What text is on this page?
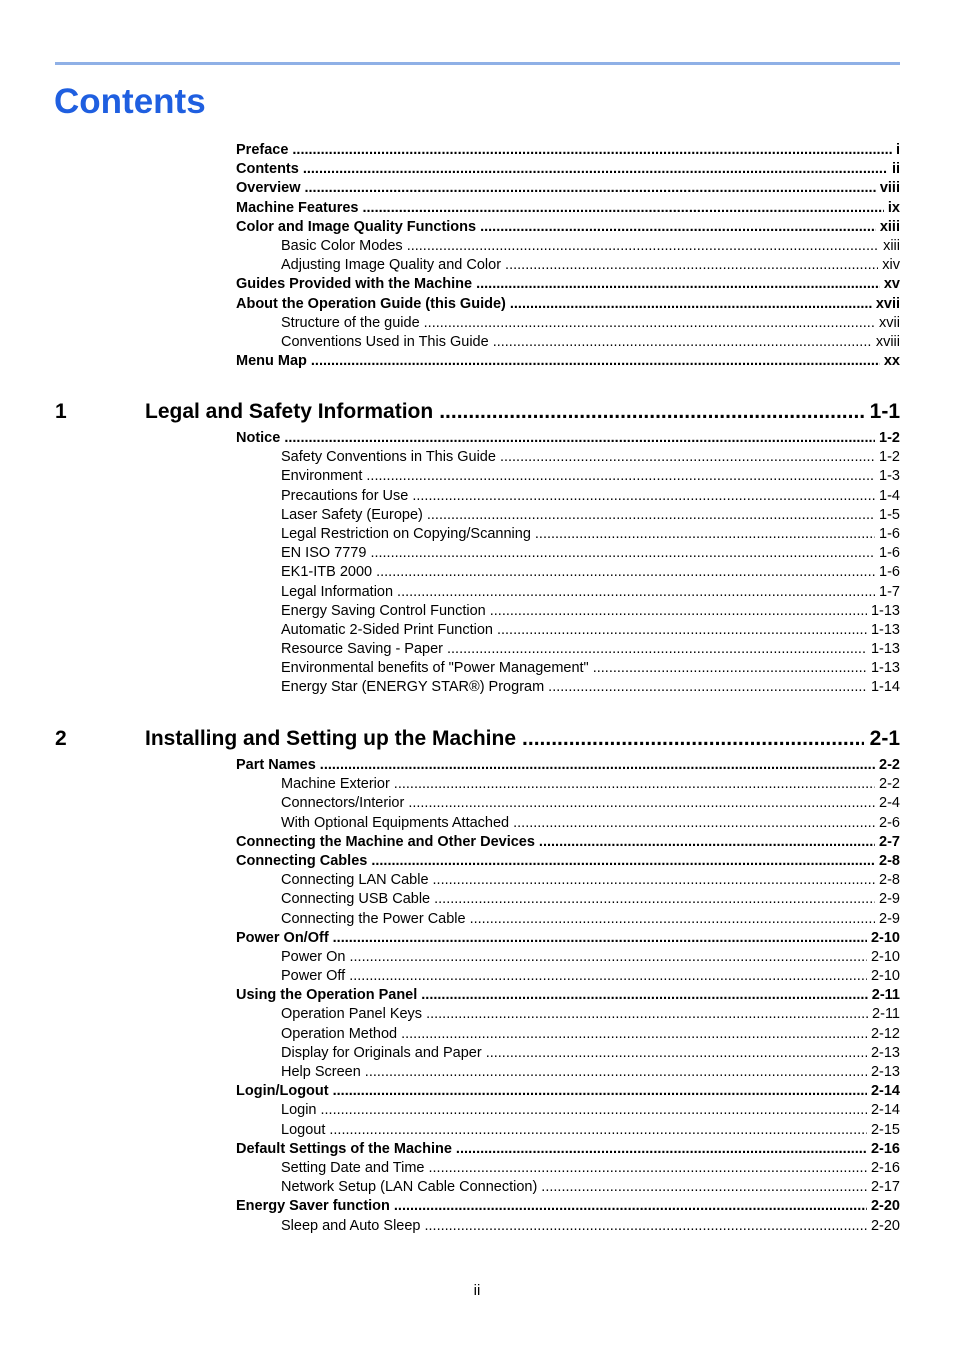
Contents
Preface .....	i
Contents .....	ii
Overview .....	viii
Machine Features .....	ix
Color and Image Quality Functions .....	xiii
Basic Color Modes .....	xiii
Adjusting Image Quality and Color .....	xiv
Guides Provided with the Machine .....	xv
About the Operation Guide (this Guide) .....	xvii
Structure of the guide .....	xvii
Conventions Used in This Guide .....	xviii
Menu Map .....	xx
1	Legal and Safety Information .....	1-1
Notice .....	1-2
Safety Conventions in This Guide .....	1-2
Environment .....	1-3
Precautions for Use .....	1-4
Laser Safety (Europe) .....	1-5
Legal Restriction on Copying/Scanning .....	1-6
EN ISO 7779 .....	1-6
EK1-ITB 2000 .....	1-6
Legal Information .....	1-7
Energy Saving Control Function .....	1-13
Automatic 2-Sided Print Function .....	1-13
Resource Saving - Paper .....	1-13
Environmental benefits of "Power Management" .....	1-13
Energy Star (ENERGY STAR®) Program .....	1-14
2	Installing and Setting up the Machine .....	2-1
Part Names .....	2-2
Machine Exterior .....	2-2
Connectors/Interior .....	2-4
With Optional Equipments Attached .....	2-6
Connecting the Machine and Other Devices .....	2-7
Connecting Cables .....	2-8
Connecting LAN Cable .....	2-8
Connecting USB Cable .....	2-9
Connecting the Power Cable .....	2-9
Power On/Off .....	2-10
Power On .....	2-10
Power Off .....	2-10
Using the Operation Panel .....	2-11
Operation Panel Keys .....	2-11
Operation Method .....	2-12
Display for Originals and Paper .....	2-13
Help Screen .....	2-13
Login/Logout .....	2-14
Login .....	2-14
Logout .....	2-15
Default Settings of the Machine .....	2-16
Setting Date and Time .....	2-16
Network Setup (LAN Cable Connection) .....	2-17
Energy Saver function .....	2-20
Sleep and Auto Sleep .....	2-20
ii
